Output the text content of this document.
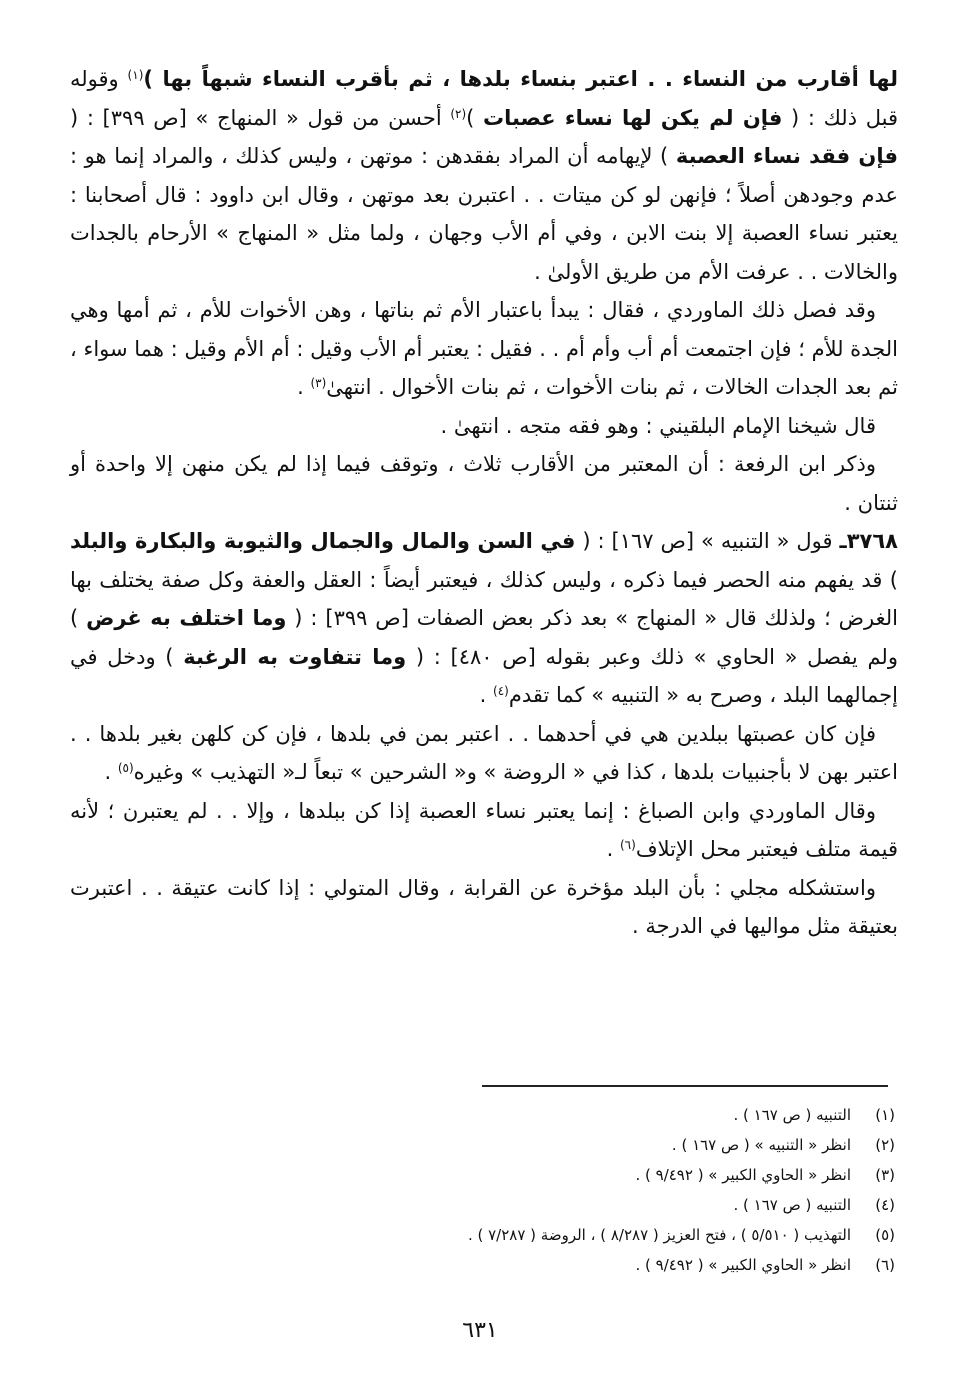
لها أقارب من النساء . . اعتبر بنساء بلدها ، ثم بأقرب النساء شبهاً بها )$^{(١)}$ وقوله قبل ذلك : ( فإن لم يكن لها نساء عصبات )$^{(٢)}$ أحسن من قول « المنهاج » [ص ٣٩٩] : ( فإن فقد نساء العصبة ) لإيهامه أن المراد بفقدهن : موتهن ، وليس كذلك ، والمراد إنما هو : عدم وجودهن أصلاً ؛ فإنهن لو كن ميتات . . اعتبرن بعد موتهن ، وقال ابن داوود : قال أصحابنا : يعتبر نساء العصبة إلا بنت الابن ، وفي أم الأب وجهان ، ولما مثل « المنهاج » الأرحام بالجدات والخالات . . عرفت الأم من طريق الأولىٰ .

وقد فصل ذلك الماوردي ، فقال : يبدأ باعتبار الأم ثم بناتها ، وهن الأخوات للأم ، ثم أمها وهي الجدة للأم ؛ فإن اجتمعت أم أب وأم أم . . فقيل : يعتبر أم الأب وقيل : أم الأم وقيل : هما سواء ، ثم بعد الجدات الخالات ، ثم بنات الأخوات ، ثم بنات الأخوال . انتهىٰ$^{(٣)}$ .

قال شيخنا الإمام البلقيني : وهو فقه متجه . انتهىٰ .

وذكر ابن الرفعة : أن المعتبر من الأقارب ثلاث ، وتوقف فيما إذا لم يكن منهن إلا واحدة أو ثنتان .

٣٧٦٨ـ قول « التنبيه » [ص ١٦٧] : ( في السن والمال والجمال والثيوبة والبكارة والبلد ) قد يفهم منه الحصر فيما ذكره ، وليس كذلك ، فيعتبر أيضاً : العقل والعفة وكل صفة يختلف بها الغرض ؛ ولذلك قال « المنهاج » بعد ذكر بعض الصفات [ص ٣٩٩] : ( وما اختلف به غرض ) ولم يفصل « الحاوي » ذلك وعبر بقوله [ص ٤٨٠] : ( وما تتفاوت به الرغبة ) ودخل في إجمالهما البلد ، وصرح به « التنبيه » كما تقدم$^{(٤)}$ .

فإن كان عصبتها ببلدين هي في أحدهما . . اعتبر بمن في بلدها ، فإن كن كلهن بغير بلدها . . اعتبر بهن لا بأجنبيات بلدها ، كذا في « الروضة » و« الشرحين » تبعاً لـ« التهذيب » وغيره$^{(٥)}$ .

وقال الماوردي وابن الصباغ : إنما يعتبر نساء العصبة إذا كن ببلدها ، وإلا . . لم يعتبرن ؛ لأنه قيمة متلف فيعتبر محل الإتلاف$^{(٦)}$ .

واستشكله مجلي : بأن البلد مؤخرة عن القرابة ، وقال المتولي : إذا كانت عتيقة . . اعتبرت بعتيقة مثل مواليها في الدرجة .

(١)
التنبيه ( ص ١٦٧ ) .
(٢)
انظر « التنبيه » ( ص ١٦٧ ) .
(٣)
انظر « الحاوي الكبير » ( ٩/٤٩٢ ) .
(٤)
التنبيه ( ص ١٦٧ ) .
(٥)
التهذيب ( ٥/٥١٠ ) ، فتح العزيز ( ٨/٢٨٧ ) ، الروضة ( ٧/٢٨٧ ) .
(٦)
انظر « الحاوي الكبير » ( ٩/٤٩٢ ) .
٦٣١
